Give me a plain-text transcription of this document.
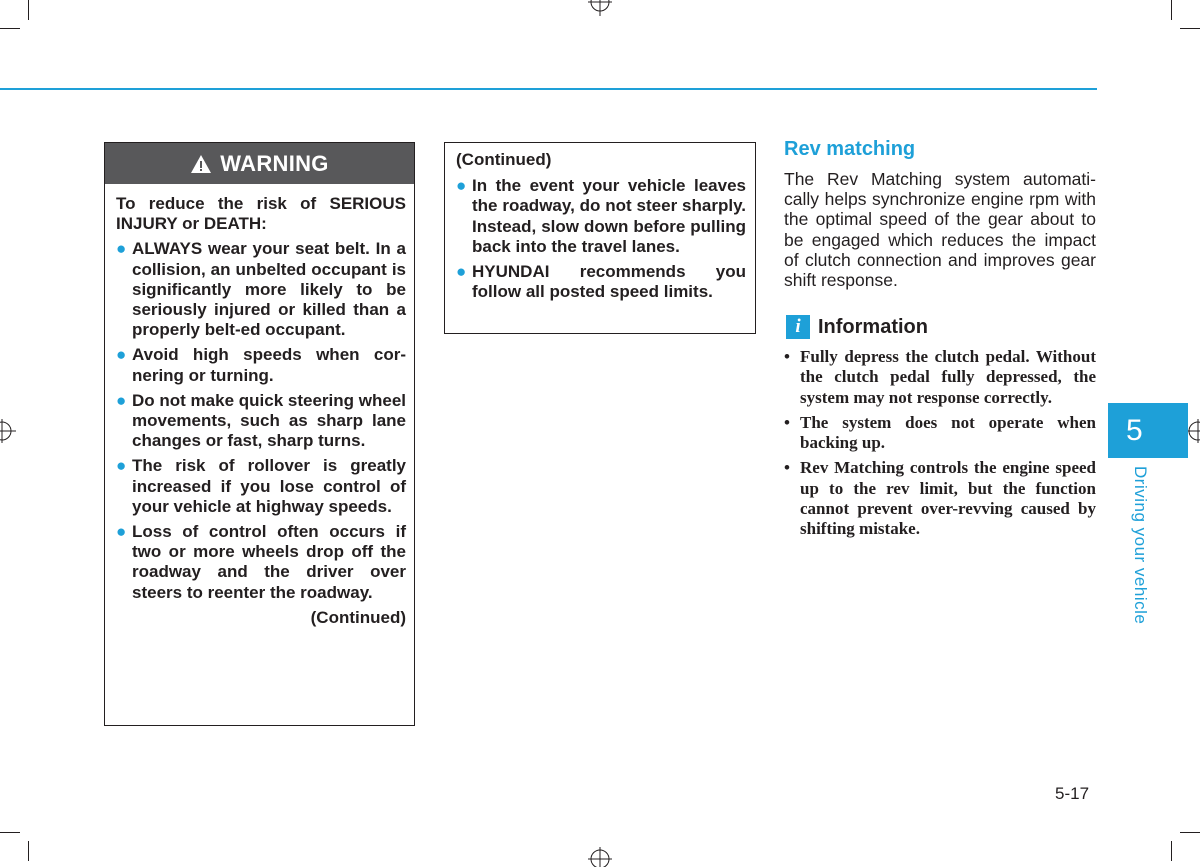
WARNING

To reduce the risk of SERIOUS INJURY or DEATH:

● ALWAYS wear your seat belt. In a collision, an unbelted occupant is significantly more likely to be seriously injured or killed than a properly belt-ed occupant.
● Avoid high speeds when cor-nering or turning.
● Do not make quick steering wheel movements, such as sharp lane changes or fast, sharp turns.
● The risk of rollover is greatly increased if you lose control of your vehicle at highway speeds.
● Loss of control often occurs if two or more wheels drop off the roadway and the driver over steers to reenter the roadway.
(Continued)

(Continued)

● In the event your vehicle leaves the roadway, do not steer sharply. Instead, slow down before pulling back into the travel lanes.
● HYUNDAI recommends you follow all posted speed limits.
Rev matching
The Rev Matching system automati-cally helps synchronize engine rpm with the optimal speed of the gear about to be engaged which reduces the impact of clutch connection and improves gear shift response.
i Information
• Fully depress the clutch pedal. Without the clutch pedal fully depressed, the system may not response correctly.
• The system does not operate when backing up.
• Rev Matching controls the engine speed up to the rev limit, but the function cannot prevent over-revving caused by shifting mistake.
5
Driving your vehicle
5-17
